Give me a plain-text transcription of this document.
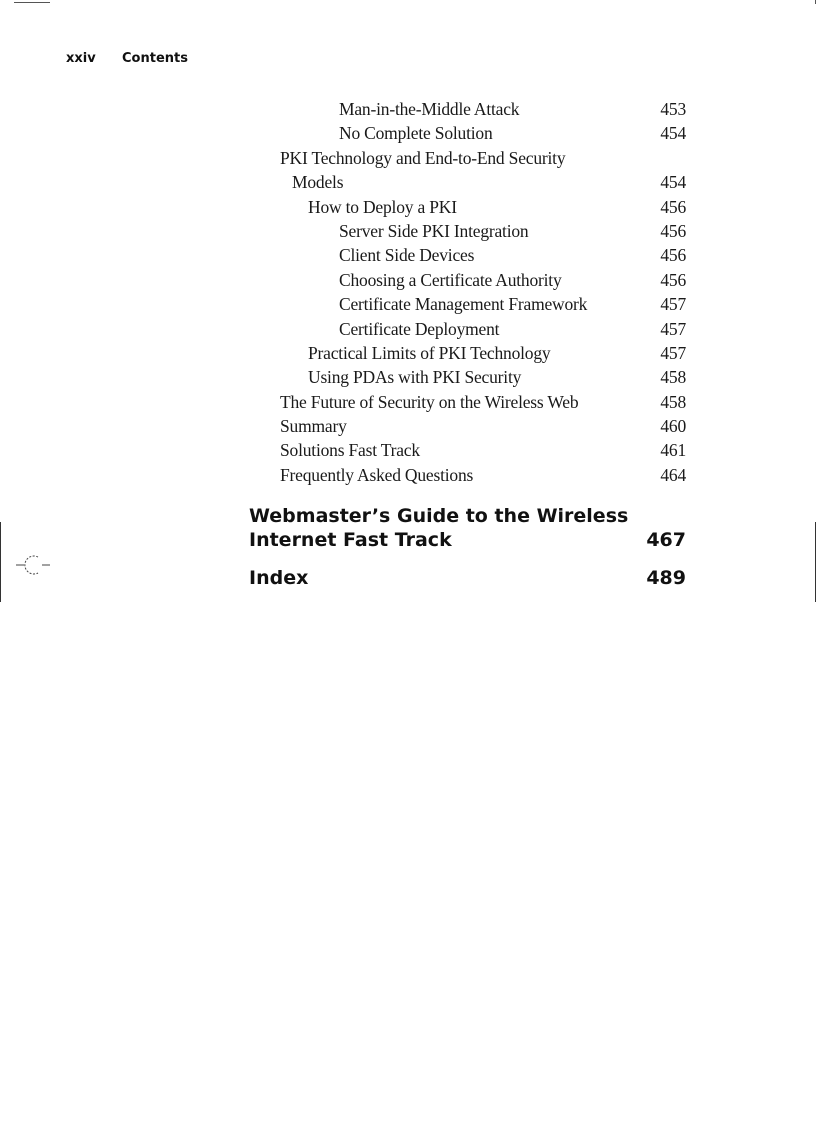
xxiv Contents
Man-in-the-Middle Attack	453
No Complete Solution	454
PKI Technology and End-to-End Security
Models	454
How to Deploy a PKI	456
Server Side PKI Integration	456
Client Side Devices	456
Choosing a Certificate Authority	456
Certificate Management Framework	457
Certificate Deployment	457
Practical Limits of PKI Technology	457
Using PDAs with PKI Security	458
The Future of Security on the Wireless Web	458
Summary	460
Solutions Fast Track	461
Frequently Asked Questions	464
Webmaster’s Guide to the Wireless
Internet Fast Track	467
Index	489
